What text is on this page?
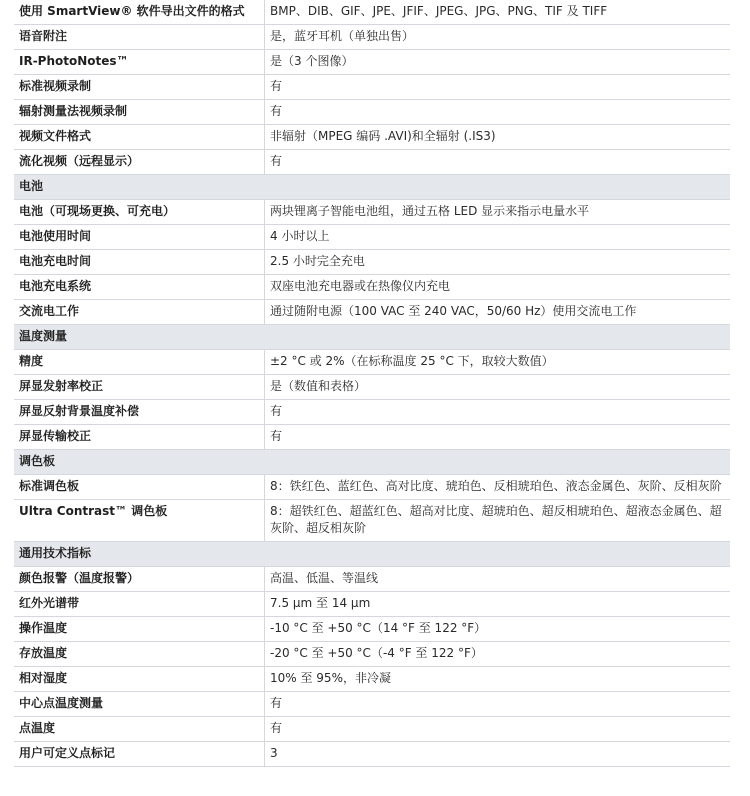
使用 SmartView® 软件导出文件的格式	BMP、DIB、GIF、JPE、JFIF、JPEG、JPG、PNG、TIF 及 TIFF
语音附注	是，蓝牙耳机（单独出售）
IR-PhotoNotes™	是（3 个图像）
标准视频录制	有
辐射测量法视频录制	有
视频文件格式	非辐射（MPEG 编码 .AVI)和全辐射 (.IS3)
流化视频（远程显示）	有
电池	
电池（可现场更换、可充电）	两块锂离子智能电池组，通过五格 LED 显示来指示电量水平
电池使用时间	4 小时以上
电池充电时间	2.5 小时完全充电
电池充电系统	双座电池充电器或在热像仪内充电
交流电工作	通过随附电源（100 VAC 至 240 VAC，50/60 Hz）使用交流电工作
温度测量	
精度	±2 °C 或 2%（在标称温度 25 °C 下，取较大数值）
屏显发射率校正	是（数值和表格）
屏显反射背景温度补偿	有
屏显传输校正	有
调色板	
标准调色板	8：铁红色、蓝红色、高对比度、琥珀色、反相琥珀色、液态金属色、灰阶、反相灰阶
Ultra Contrast™ 调色板	8：超铁红色、超蓝红色、超高对比度、超琥珀色、超反相琥珀色、超液态金属色、超灰阶、超反相灰阶
通用技术指标	
颜色报警（温度报警）	高温、低温、等温线
红外光谱带	7.5 μm 至 14 μm
操作温度	-10 °C 至 +50 °C（14 °F 至 122 °F）
存放温度	-20 °C 至 +50 °C（-4 °F 至 122 °F）
相对湿度	10% 至 95%，非冷凝
中心点温度测量	有
点温度	有
用户可定义点标记	3
